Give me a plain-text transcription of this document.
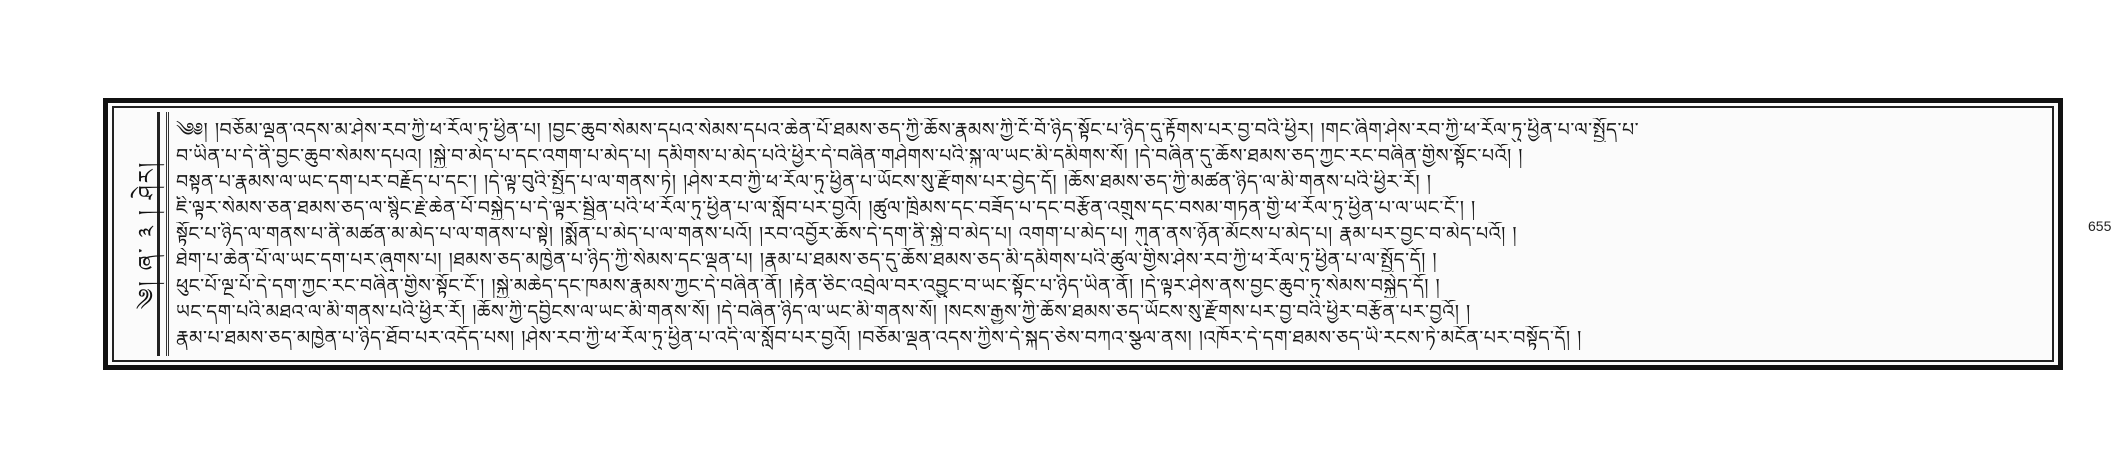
༄། ཞ་ ༣ ། ཤེར།
༄༅། །བཅོམ་ལྡན་འདས་མ་ཤེས་རབ་ཀྱི་ཕ་རོལ་ཏུ་ཕྱིན་པ། །བྱང་ཆུབ་སེམས་དཔའ་སེམས་དཔའ་ཆེན་པོ་ཐམས་ཅད་ཀྱི་ཆོས་རྣམས་ཀྱི་ངོ་བོ་ཉིད་སྟོང་པ་ཉིད་དུ་རྟོགས་པར་བྱ་བའི་ཕྱིར། །གང་ཞིག་ཤེས་རབ་ཀྱི་ཕ་རོལ་ཏུ་ཕྱིན་པ་ལ་སྤྱོད་པ་
བ་ཡིན་པ་དེ་ནི་བྱང་ཆུབ་སེམས་དཔའ། །སྐྱེ་བ་མེད་པ་དང་འགག་པ་མེད་པ། དམིགས་པ་མེད་པའི་ཕྱིར་དེ་བཞིན་གཤེགས་པའི་སྐུ་ལ་ཡང་མི་དམིགས་སོ། །དེ་བཞིན་དུ་ཆོས་ཐམས་ཅད་ཀྱང་རང་བཞིན་གྱིས་སྟོང་པའོ། །
བསྟན་པ་རྣམས་ལ་ཡང་དག་པར་བརྗོད་པ་དང་། །དེ་ལྟ་བུའི་སྤྱོད་པ་ལ་གནས་ཏེ། །ཤེས་རབ་ཀྱི་ཕ་རོལ་ཏུ་ཕྱིན་པ་ཡོངས་སུ་རྫོགས་པར་བྱེད་དོ། །ཆོས་ཐམས་ཅད་ཀྱི་མཚན་ཉིད་ལ་མི་གནས་པའི་ཕྱིར་རོ། །
ཇི་ལྟར་སེམས་ཅན་ཐམས་ཅད་ལ་སྙིང་རྗེ་ཆེན་པོ་བསྐྱེད་པ་དེ་ལྟར་སྦྱིན་པའི་ཕ་རོལ་ཏུ་ཕྱིན་པ་ལ་སློབ་པར་བྱའོ། །ཚུལ་ཁྲིམས་དང་བཟོད་པ་དང་བརྩོན་འགྲུས་དང་བསམ་གཏན་གྱི་ཕ་རོལ་ཏུ་ཕྱིན་པ་ལ་ཡང་ངོ་། །
སྟོང་པ་ཉིད་ལ་གནས་པ་ནི་མཚན་མ་མེད་པ་ལ་གནས་པ་སྟེ། །སྨོན་པ་མེད་པ་ལ་གནས་པའོ། །རབ་འབྱོར་ཆོས་དེ་དག་ནི་སྐྱེ་བ་མེད་པ། འགག་པ་མེད་པ། ཀུན་ནས་ཉོན་མོངས་པ་མེད་པ། རྣམ་པར་བྱང་བ་མེད་པའོ། །
ཐེག་པ་ཆེན་པོ་ལ་ཡང་དག་པར་ཞུགས་པ། །ཐམས་ཅད་མཁྱེན་པ་ཉིད་ཀྱི་སེམས་དང་ལྡན་པ། །རྣམ་པ་ཐམས་ཅད་དུ་ཆོས་ཐམས་ཅད་མི་དམིགས་པའི་ཚུལ་གྱིས་ཤེས་རབ་ཀྱི་ཕ་རོལ་ཏུ་ཕྱིན་པ་ལ་སྤྱོད་དོ། །
ཕུང་པོ་ལྔ་པོ་དེ་དག་ཀྱང་རང་བཞིན་གྱིས་སྟོང་ངོ་། །སྐྱེ་མཆེད་དང་ཁམས་རྣམས་ཀྱང་དེ་བཞིན་ནོ། །རྟེན་ཅིང་འབྲེལ་བར་འབྱུང་བ་ཡང་སྟོང་པ་ཉིད་ཡིན་ནོ། །དེ་ལྟར་ཤེས་ནས་བྱང་ཆུབ་ཏུ་སེམས་བསྐྱེད་དོ། །
ཡང་དག་པའི་མཐའ་ལ་མི་གནས་པའི་ཕྱིར་རོ། །ཆོས་ཀྱི་དབྱིངས་ལ་ཡང་མི་གནས་སོ། །དེ་བཞིན་ཉིད་ལ་ཡང་མི་གནས་སོ། །སངས་རྒྱས་ཀྱི་ཆོས་ཐམས་ཅད་ཡོངས་སུ་རྫོགས་པར་བྱ་བའི་ཕྱིར་བརྩོན་པར་བྱའོ། །
རྣམ་པ་ཐམས་ཅད་མཁྱེན་པ་ཉིད་ཐོབ་པར་འདོད་པས། །ཤེས་རབ་ཀྱི་ཕ་རོལ་ཏུ་ཕྱིན་པ་འདི་ལ་སློབ་པར་བྱའོ། །བཅོམ་ལྡན་འདས་ཀྱིས་དེ་སྐད་ཅེས་བཀའ་སྩལ་ནས། །འཁོར་དེ་དག་ཐམས་ཅད་ཡི་རངས་ཏེ་མངོན་པར་བསྟོད་དོ། །
655
